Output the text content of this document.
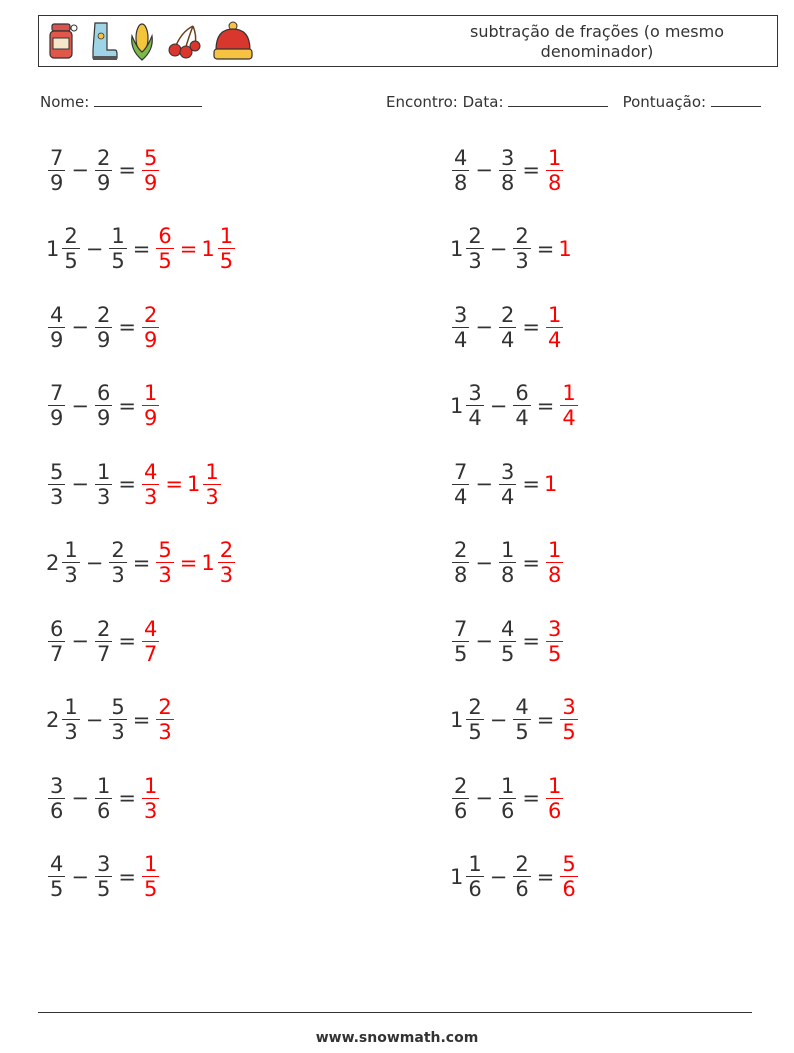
subtração de frações (o mesmo denominador)
Nome:	Encontro: Data:	Pontuação:
$\frac{7}{9} - \frac{2}{9} = \frac{5}{9}$
$1 \frac{2}{5} - \frac{1}{5} = \frac{6}{5} = 1 \frac{1}{5}$
$\frac{4}{9} - \frac{2}{9} = \frac{2}{9}$
$\frac{7}{9} - \frac{6}{9} = \frac{1}{9}$
$\frac{5}{3} - \frac{1}{3} = \frac{4}{3} = 1 \frac{1}{3}$
$2 \frac{1}{3} - \frac{2}{3} = \frac{5}{3} = 1 \frac{2}{3}$
$\frac{6}{7} - \frac{2}{7} = \frac{4}{7}$
$2 \frac{1}{3} - \frac{5}{3} = \frac{2}{3}$
$\frac{3}{6} - \frac{1}{6} = \frac{1}{3}$
$\frac{4}{5} - \frac{3}{5} = \frac{1}{5}$
$\frac{4}{8} - \frac{3}{8} = \frac{1}{8}$
$1 \frac{2}{3} - \frac{2}{3} = 1$
$\frac{3}{4} - \frac{2}{4} = \frac{1}{4}$
$1 \frac{3}{4} - \frac{6}{4} = \frac{1}{4}$
$\frac{7}{4} - \frac{3}{4} = 1$
$\frac{2}{8} - \frac{1}{8} = \frac{1}{8}$
$\frac{7}{5} - \frac{4}{5} = \frac{3}{5}$
$1 \frac{2}{5} - \frac{4}{5} = \frac{3}{5}$
$\frac{2}{6} - \frac{1}{6} = \frac{1}{6}$
$1 \frac{1}{6} - \frac{2}{6} = \frac{5}{6}$
www.snowmath.com
